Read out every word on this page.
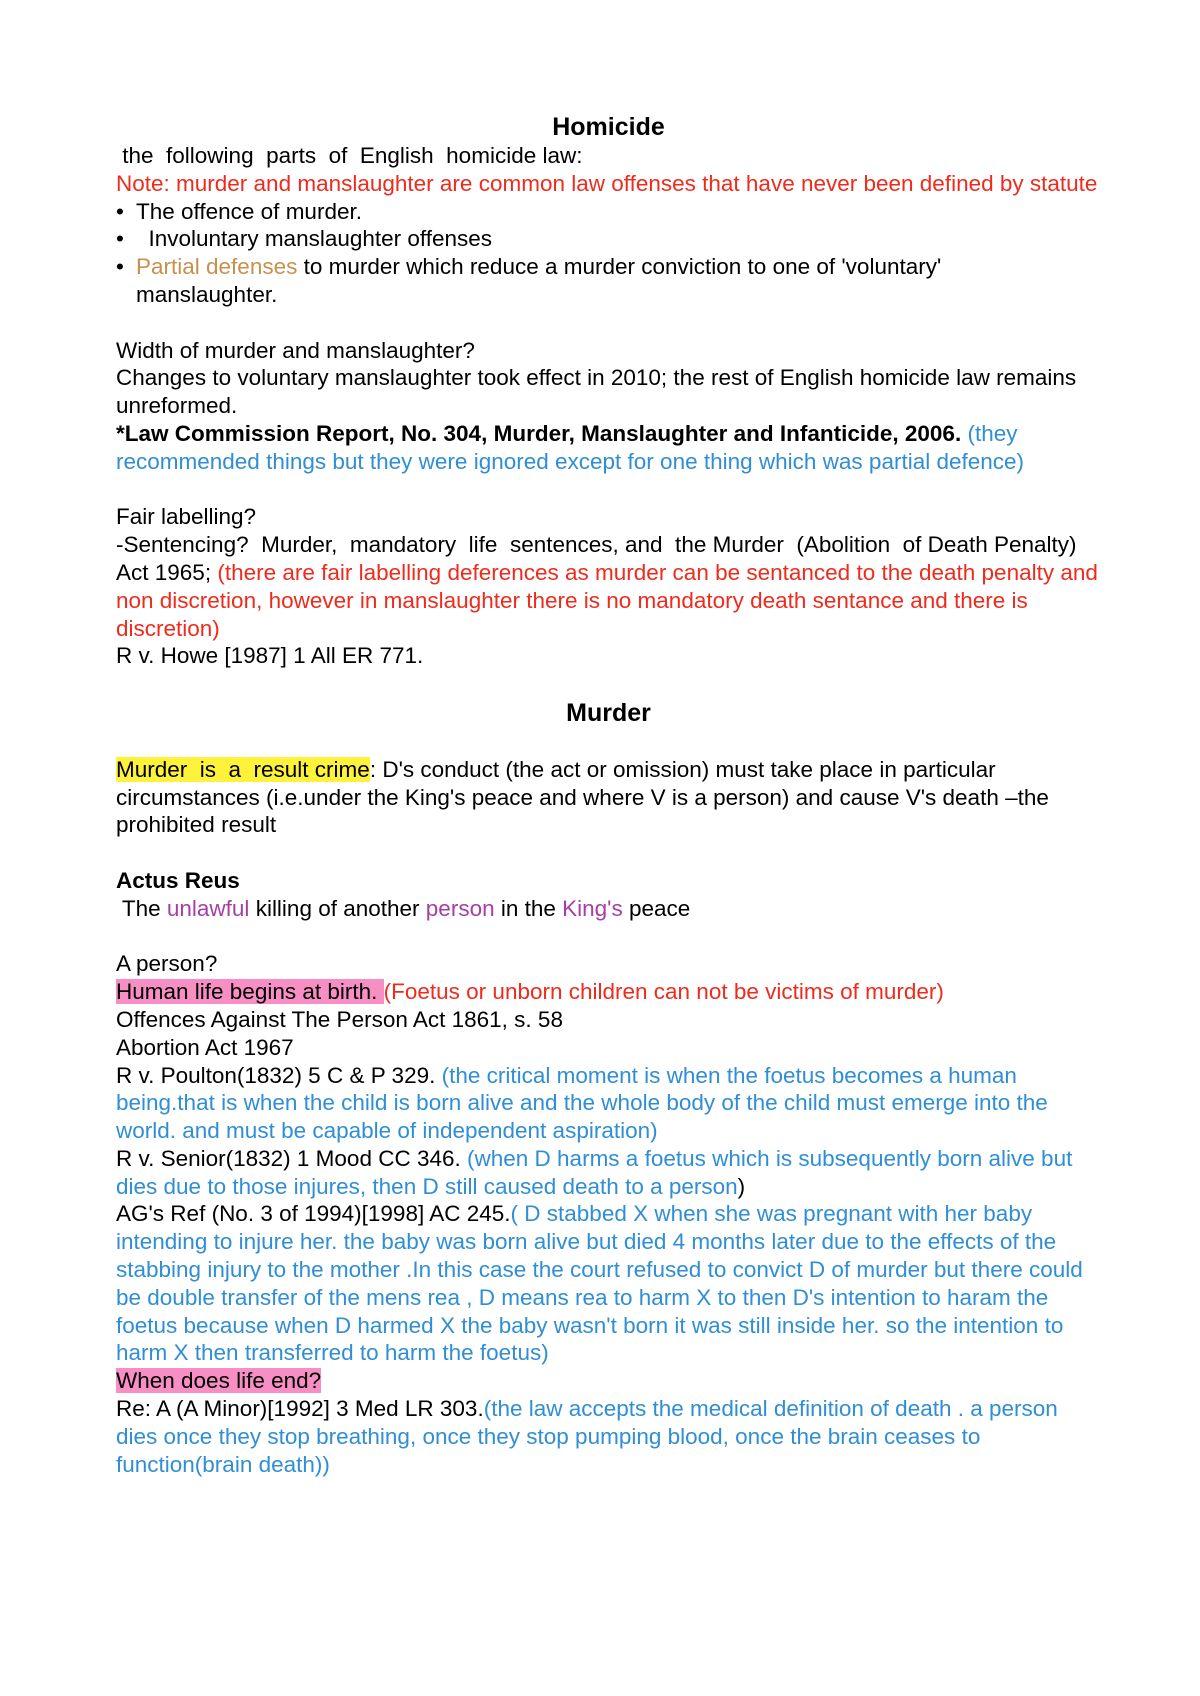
Homicide
the  following  parts  of  English  homicide law:
Note: murder and manslaughter are common law offenses that have never been defined by statute
• The offence of murder.
• Involuntary manslaughter offenses
• Partial defenses to murder which reduce a murder conviction to one of 'voluntary' manslaughter.
Width of murder and manslaughter?
Changes to voluntary manslaughter took effect in 2010; the rest of English homicide law remains unreformed.
*Law Commission Report, No. 304, Murder, Manslaughter and Infanticide, 2006. (they recommended things but they were ignored except for one thing which was partial defence)
Fair labelling?
-Sentencing?  Murder,  mandatory  life  sentences, and  the Murder  (Abolition  of Death Penalty) Act 1965; (there are fair labelling deferences as murder can be sentanced to the death penalty and non discretion, however in manslaughter there is no mandatory death sentance and there is discretion)
R v. Howe [1987] 1 All ER 771.
Murder
Murder  is  a  result crime: D's conduct (the act or omission) must take place in particular circumstances (i.e.under the King's peace and where V is a person) and cause V's death –the prohibited result
Actus Reus
The unlawful killing of another person in the King's peace
A person?
Human life begins at birth. (Foetus or unborn children can not be victims of murder)
Offences Against The Person Act 1861, s. 58
Abortion Act 1967
R v. Poulton(1832) 5 C & P 329. (the critical moment is when the foetus becomes a human being.that is when the child is born alive and the whole body of the child must emerge into the world. and must be capable of independent aspiration)
R v. Senior(1832) 1 Mood CC 346. (when D harms a foetus which is subsequently born alive but dies due to those injures, then D still caused death to a person)
AG's Ref (No. 3 of 1994)[1998] AC 245.( D stabbed X when she was pregnant with her baby intending to injure her. the baby was born alive but died 4 months later due to the effects of the stabbing injury to the mother .In this case the court refused to convict D of murder but there could be double transfer of the mens rea , D means rea to harm X to then D's intention to haram the foetus because when D harmed X the baby wasn't born it was still inside her. so the intention to harm X then transferred to harm the foetus)
When does life end?
Re: A (A Minor)[1992] 3 Med LR 303.(the law accepts the medical definition of death . a person dies once they stop breathing, once they stop pumping blood, once the brain ceases to function(brain death))
